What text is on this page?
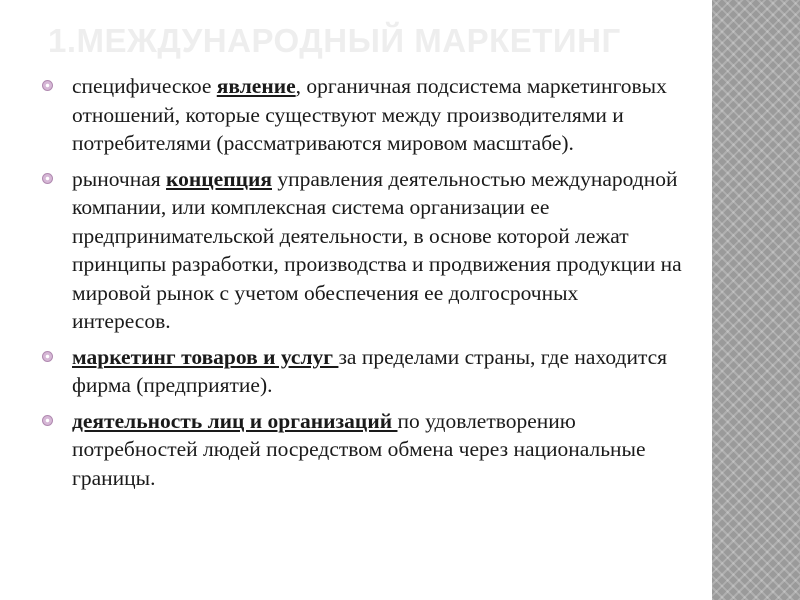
1.МЕЖДУНАРОДНЫЙ МАРКЕТИНГ
специфическое явление, органичная подсистема маркетинговых отношений, которые существуют между производителями и потребителями (рассматриваются мировом масштабе).
рыночная концепция управления деятельностью международной компании, или комплексная система организации ее предпринимательской деятельности, в основе которой лежат принципы разработки, производства и продвижения продукции на мировой рынок с учетом обеспечения ее долгосрочных интересов.
маркетинг товаров и услуг за пределами страны, где находится фирма (предприятие).
деятельность лиц и организаций по удовлетворению потребностей людей посредством обмена через национальные границы.
